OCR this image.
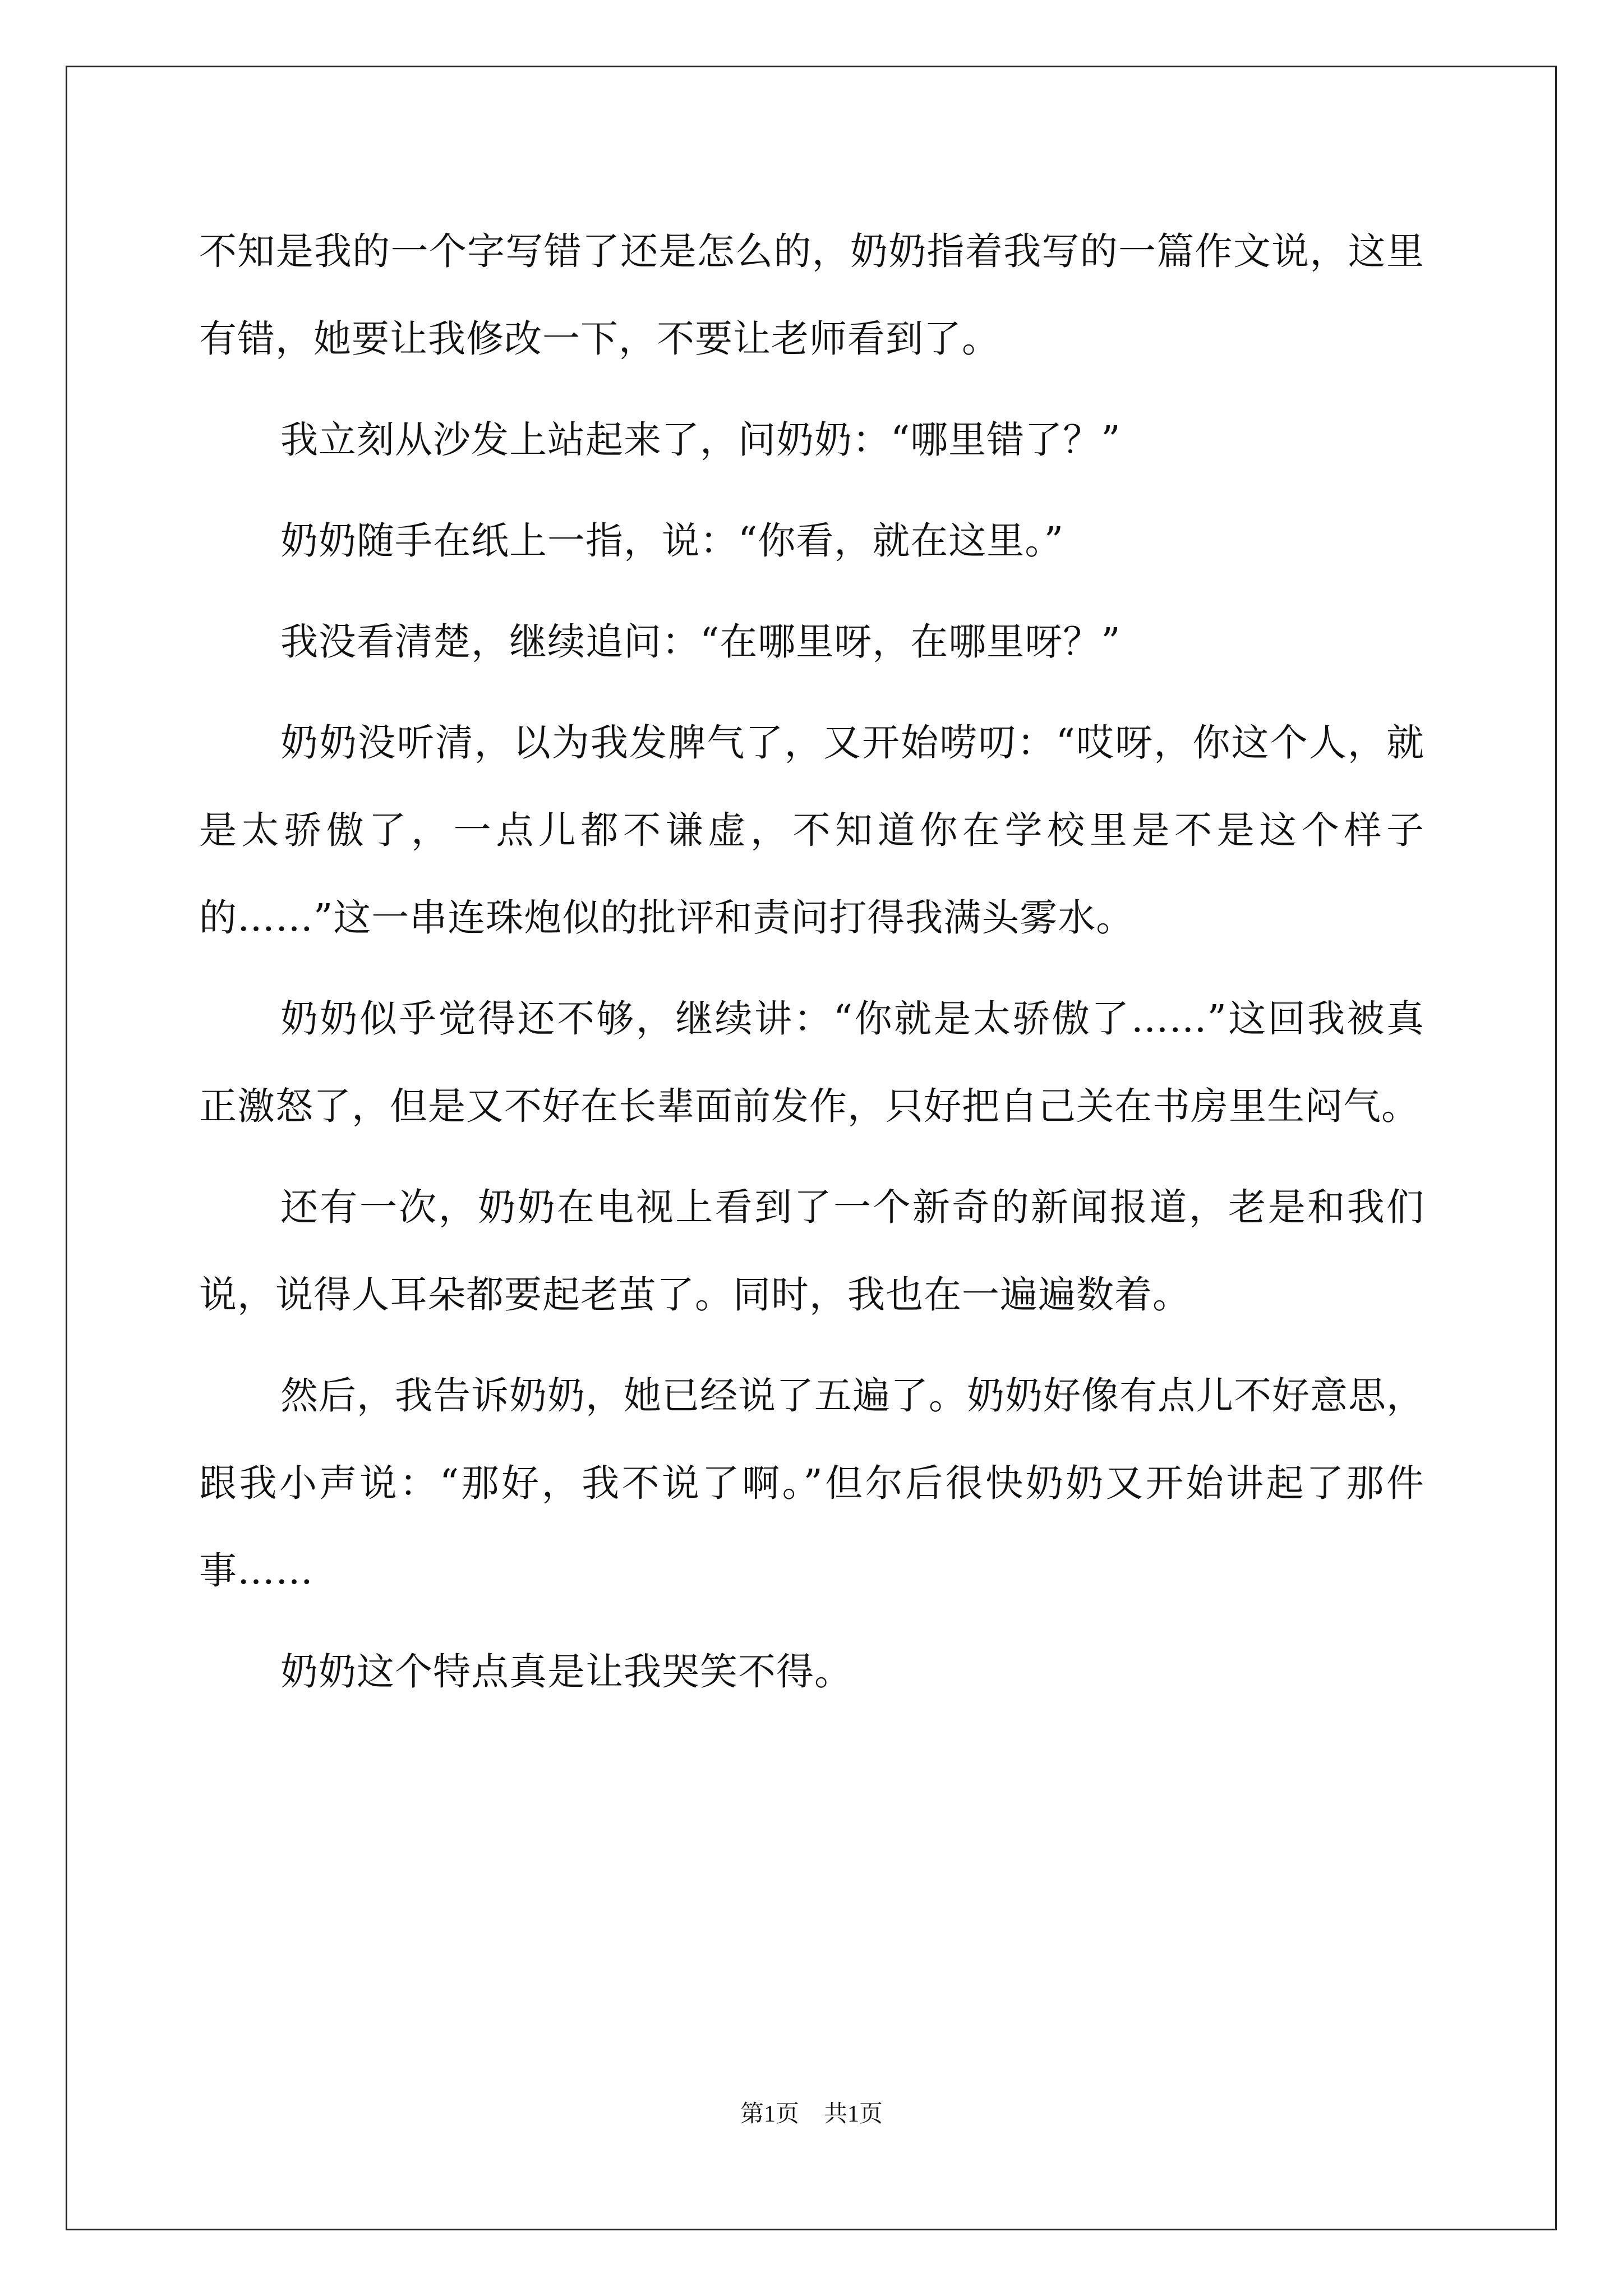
不知是我的一个字写错了还是怎么的，奶奶指着我写的一篇作文说，这里有错，她要让我修改一下，不要让老师看到了。

我立刻从沙发上站起来了，问奶奶：“哪里错了？”

奶奶随手在纸上一指，说：“你看，就在这里。”

我没看清楚，继续追问：“在哪里呀，在哪里呀？”

奶奶没听清，以为我发脾气了，又开始唠叨：“哎呀，你这个人，就是太骄傲了，一点儿都不谦虚，不知道你在学校里是不是这个样子的……”这一串连珠炮似的批评和责问打得我满头雾水。

奶奶似乎觉得还不够，继续讲：“你就是太骄傲了……”这回我被真正激怒了，但是又不好在长辈面前发作，只好把自己关在书房里生闷气。

还有一次，奶奶在电视上看到了一个新奇的新闻报道，老是和我们说，说得人耳朵都要起老茧了。同时，我也在一遍遍数着。

然后，我告诉奶奶，她已经说了五遍了。奶奶好像有点儿不好意思，跟我小声说：“那好，我不说了啊。”但尔后很快奶奶又开始讲起了那件事……

奶奶这个特点真是让我哭笑不得。

第1页 共1页
